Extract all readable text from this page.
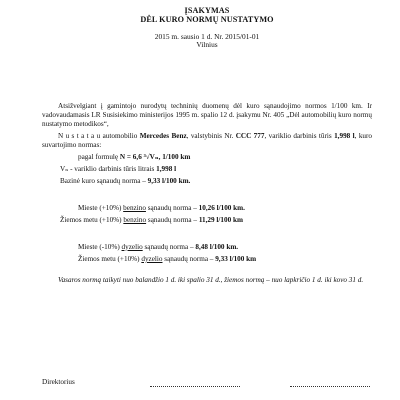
ĮSAKYMAS
DĖL KURO NORMŲ NUSTATYMO
2015 m. sausio 1 d. Nr. 2015/01-01
Vilnius
Atsižvelgiant į gamintojo nurodytų techninių duomenų dėl kuro sąnaudojimo normos 1/100 km. Ir vadovaudamasis LR Susisiekimo ministerijos 1995 m. spalio 12 d. įsakymu Nr. 405 „Dėl automobilių kuro normų nustatymo metodikos“,
N u s t a t a u automobilio Mercedes Benz, valstybinis Nr. CCC 777, variklio darbinis tūris 1,998 l, kuro suvartojimo normas:
pagal formulę N = 6,6 ³√Vₙ, 1/100 km
Vₙ - variklio darbinis tūris litrais 1,998 l
Bazinė kuro sąnaudų norma – 9,33 l/100 km.
Mieste (+10%) benzino sąnaudų norma – 10,26 l/100 km.
Žiemos metu (+10%) benzino sąnaudų norma – 11,29 l/100 km
Mieste (-10%) dyzelio sąnaudų norma – 8,48 l/100 km.
Žiemos metu (+10%) dyzelio sąnaudų norma – 9,33 l/100 km
Vasaros normą taikyti nuo balandžio 1 d. iki spalio 31 d., žiemos normą – nuo lapkričio 1 d. iki kovo 31 d.
Direktorius
